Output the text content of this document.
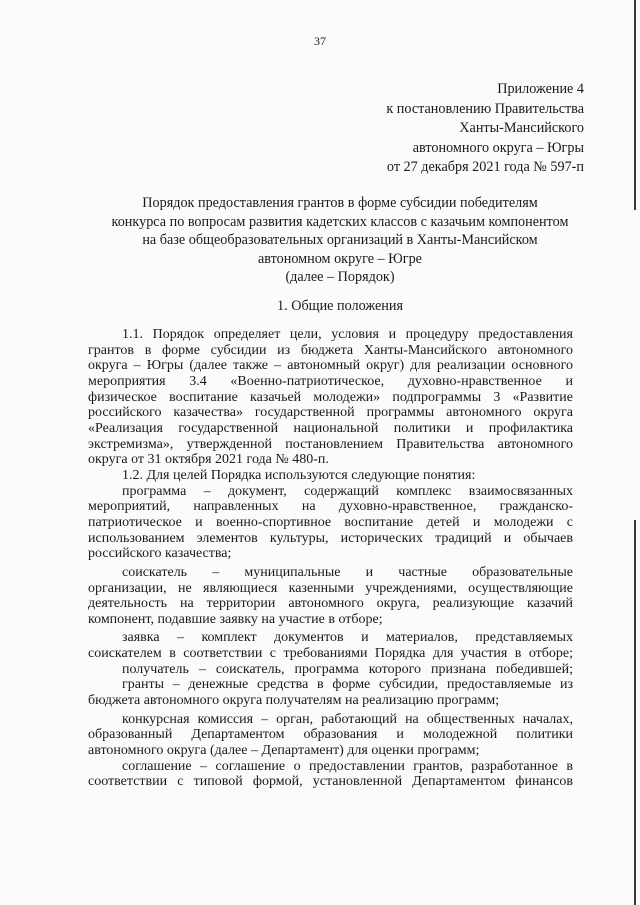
37
Приложение 4
к постановлению Правительства
Ханты-Мансийского
автономного округа – Югры
от 27 декабря 2021 года № 597-п
Порядок предоставления грантов в форме субсидии победителям
конкурса по вопросам развития кадетских классов с казачьим компонентом
на базе общеобразовательных организаций в Ханты-Мансийском
автономном округе – Югре
(далее – Порядок)
1. Общие положения
1.1. Порядок определяет цели, условия и процедуру предоставления
грантов в форме субсидии из бюджета Ханты-Мансийского автономного
округа – Югры (далее также – автономный округ) для реализации основного
мероприятия 3.4 «Военно-патриотическое, духовно-нравственное и
физическое воспитание казачьей молодежи» подпрограммы 3 «Развитие
российского казачества» государственной программы автономного округа
«Реализация государственной национальной политики и профилактика
экстремизма», утвержденной постановлением Правительства автономного
округа от 31 октября 2021 года № 480-п.
1.2. Для целей Порядка используются следующие понятия:
программа – документ, содержащий комплекс взаимосвязанных
мероприятий, направленных на духовно-нравственное, гражданско-
патриотическое и военно-спортивное воспитание детей и молодежи с
использованием элементов культуры, исторических традиций и обычаев
российского казачества;
соискатель – муниципальные и частные образовательные
организации, не являющиеся казенными учреждениями, осуществляющие
деятельность на территории автономного округа, реализующие казачий
компонент, подавшие заявку на участие в отборе;
заявка – комплект документов и материалов, представляемых
соискателем в соответствии с требованиями Порядка для участия в отборе;
получатель – соискатель, программа которого признана победившей;
гранты – денежные средства в форме субсидии, предоставляемые из
бюджета автономного округа получателям на реализацию программ;
конкурсная комиссия – орган, работающий на общественных началах,
образованный Департаментом образования и молодежной политики
автономного округа (далее – Департамент) для оценки программ;
соглашение – соглашение о предоставлении грантов, разработанное в
соответствии с типовой формой, установленной Департаментом финансов
